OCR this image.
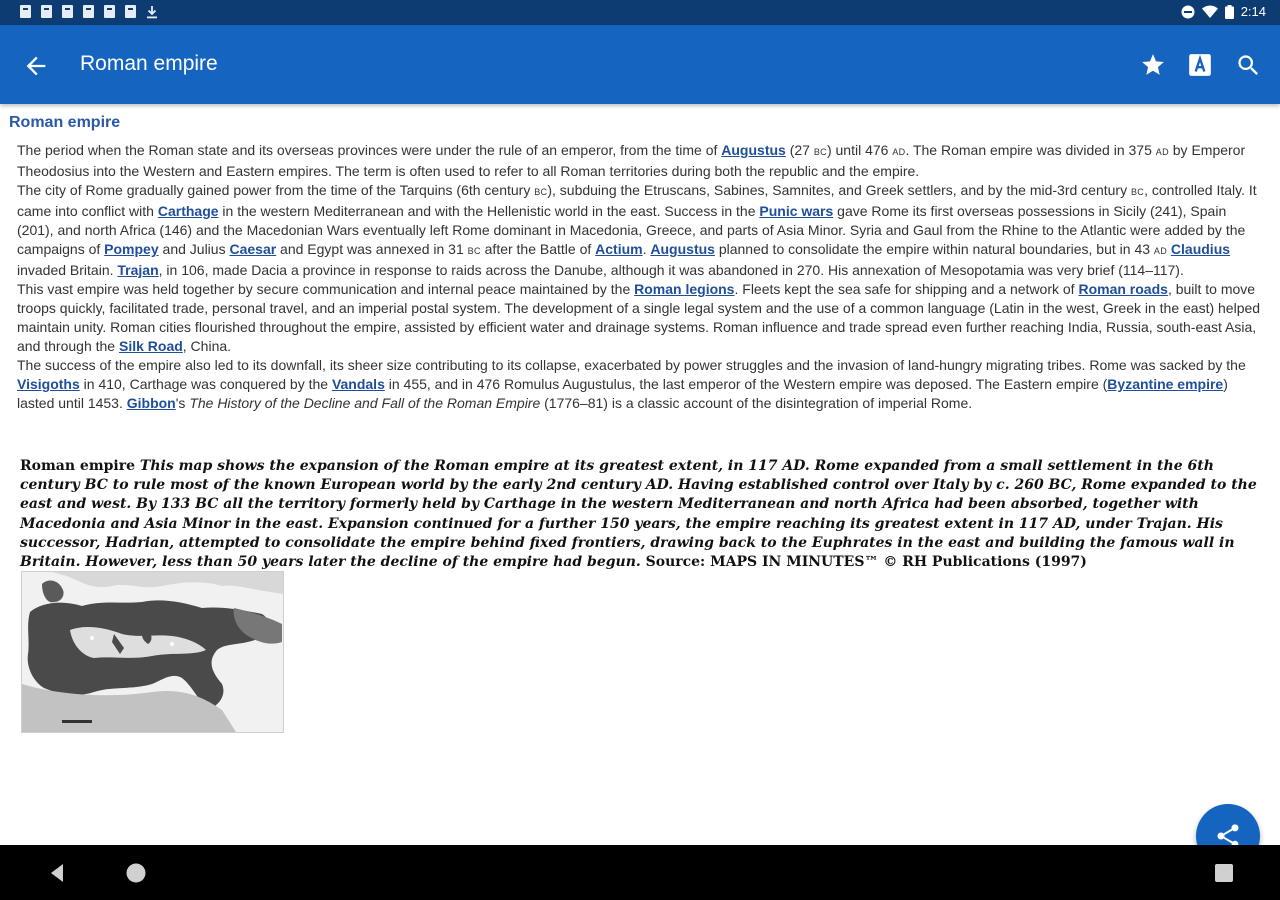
2:14
Roman empire
Roman empire

The period when the Roman state and its overseas provinces were under the rule of an emperor, from the time of Augustus (27 BC) until 476 AD. The Roman empire was divided in 375 AD by Emperor Theodosius into the Western and Eastern empires. The term is often used to refer to all Roman territories during both the republic and the empire.

The city of Rome gradually gained power from the time of the Tarquins (6th century BC), subduing the Etruscans, Sabines, Samnites, and Greek settlers, and by the mid-3rd century BC, controlled Italy. It came into conflict with Carthage in the western Mediterranean and with the Hellenistic world in the east. Success in the Punic wars gave Rome its first overseas possessions in Sicily (241), Spain (201), and north Africa (146) and the Macedonian Wars eventually left Rome dominant in Macedonia, Greece, and parts of Asia Minor. Syria and Gaul from the Rhine to the Atlantic were added by the campaigns of Pompey and Julius Caesar and Egypt was annexed in 31 BC after the Battle of Actium. Augustus planned to consolidate the empire within natural boundaries, but in 43 AD Claudius invaded Britain. Trajan, in 106, made Dacia a province in response to raids across the Danube, although it was abandoned in 270. His annexation of Mesopotamia was very brief (114–117).

This vast empire was held together by secure communication and internal peace maintained by the Roman legions. Fleets kept the sea safe for shipping and a network of Roman roads, built to move troops quickly, facilitated trade, personal travel, and an imperial postal system. The development of a single legal system and the use of a common language (Latin in the west, Greek in the east) helped maintain unity. Roman cities flourished throughout the empire, assisted by efficient water and drainage systems. Roman influence and trade spread even further reaching India, Russia, south-east Asia, and through the Silk Road, China.

The success of the empire also led to its downfall, its sheer size contributing to its collapse, exacerbated by power struggles and the invasion of land-hungry migrating tribes. Rome was sacked by the Visigoths in 410, Carthage was conquered by the Vandals in 455, and in 476 Romulus Augustulus, the last emperor of the Western empire was deposed. The Eastern empire (Byzantine empire) lasted until 1453. Gibbon's The History of the Decline and Fall of the Roman Empire (1776–81) is a classic account of the disintegration of imperial Rome.

Roman empire This map shows the expansion of the Roman empire at its greatest extent, in 117 AD. Rome expanded from a small settlement in the 6th century BC to rule most of the known European world by the early 2nd century AD. Having established control over Italy by c. 260 BC, Rome expanded to the east and west. By 133 BC all the territory formerly held by Carthage in the western Mediterranean and north Africa had been absorbed, together with Macedonia and Asia Minor in the east. Expansion continued for a further 150 years, the empire reaching its greatest extent in 117 AD, under Trajan. His successor, Hadrian, attempted to consolidate the empire behind fixed frontiers, drawing back to the Euphrates in the east and building the famous wall in Britain. However, less than 50 years later the decline of the empire had begun. Source: MAPS IN MINUTES™ © RH Publications (1997)
